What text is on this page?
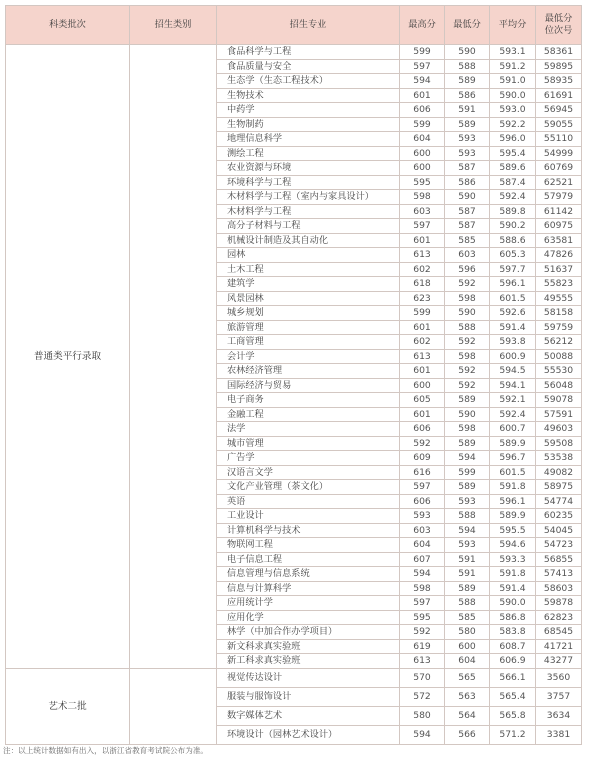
科类批次	招生类别	招生专业	最高分	最低分	平均分	最低分
位次号

普通类平行录取		食品科学与工程	599	590	593.1	58361
		食品质量与安全	597	588	591.2	59895
		生态学（生态工程技术）	594	589	591.0	58935
		生物技术	601	586	590.0	61691
		中药学	606	591	593.0	56945
		生物制药	599	589	592.2	59055
		地理信息科学	604	593	596.0	55110
		测绘工程	600	593	595.4	54999
		农业资源与环境	600	587	589.6	60769
		环境科学与工程	595	586	587.4	62521
		木材料学与工程（室内与家具设计）	598	590	592.4	57979
		木材料学与工程	603	587	589.8	61142
		高分子材料与工程	597	587	590.2	60975
		机械设计制造及其自动化	601	585	588.6	63581
		园林	613	603	605.3	47826
		土木工程	602	596	597.7	51637
		建筑学	618	592	596.1	55823
		风景园林	623	598	601.5	49555
		城乡规划	599	590	592.6	58158
		旅游管理	601	588	591.4	59759
		工商管理	602	592	593.8	56212
		会计学	613	598	600.9	50088
		农林经济管理	601	592	594.5	55530
		国际经济与贸易	600	592	594.1	56048
		电子商务	605	589	592.1	59078
		金融工程	601	590	592.4	57591
		法学	606	598	600.7	49603
		城市管理	592	589	589.9	59508
		广告学	609	594	596.7	53538
		汉语言文学	616	599	601.5	49082
		文化产业管理（茶文化）	597	589	591.8	58975
		英语	606	593	596.1	54774
		工业设计	593	588	589.9	60235
		计算机科学与技术	603	594	595.5	54045
		物联网工程	604	593	594.6	54723
		电子信息工程	607	591	593.3	56855
		信息管理与信息系统	594	591	591.8	57413
		信息与计算科学	598	589	591.4	58603
		应用统计学	597	588	590.0	59878
		应用化学	595	585	586.8	62823
		林学（中加合作办学项目）	592	580	583.8	68545
		新文科求真实验班	619	600	608.7	41721
		新工科求真实验班	613	604	606.9	43277
艺术二批		视觉传达设计	570	565	566.1	3560
		服装与服饰设计	572	563	565.4	3757
		数字媒体艺术	580	564	565.8	3634
		环境设计（园林艺术设计）	594	566	571.2	3381
注：以上统计数据如有出入，以浙江省教育考试院公布为准。
